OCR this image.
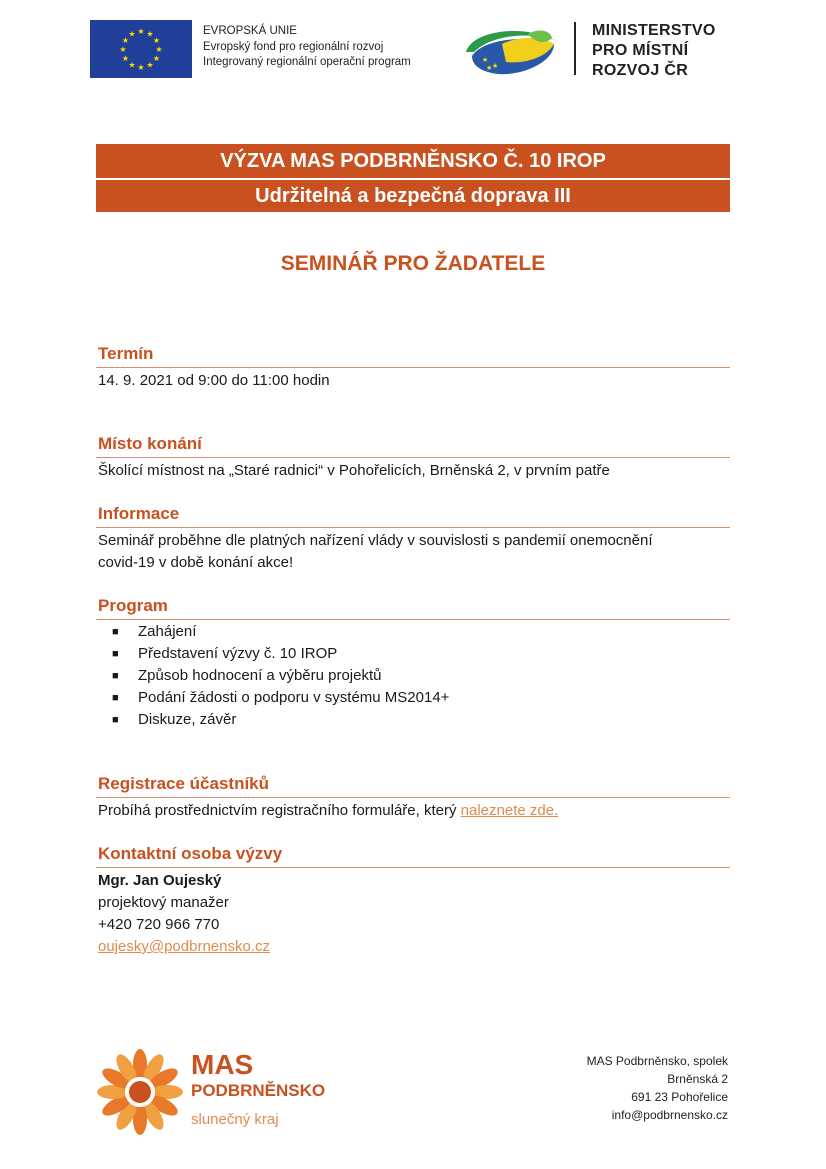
★ ★
★
★
★
★
★
★
★
★
★
★	EVROPSKÁ UNIE
Evropský fond pro regionální rozvoj
Integrovaný regionální operační program	★
★
★
MINISTERSTVO
PRO MÍSTNÍ
ROZVOJ ČR
VÝZVA MAS PODBRNĚNSKO Č. 10 IROP
Udržitelná a bezpečná doprava III
SEMINÁŘ PRO ŽADATELE
Termín
14. 9. 2021 od 9:00 do 11:00 hodin
Místo konání
Školící místnost na „Staré radnici“ v Pohořelicích, Brněnská 2, v prvním patře
Informace
Seminář proběhne dle platných nařízení vlády v souvislosti s pandemií onemocnění
covid-19 v době konání akce!
Program
■ Zahájení
■ Představení výzvy č. 10 IROP
■ Způsob hodnocení a výběru projektů
■ Podání žádosti o podporu v systému MS2014+
■ Diskuze, závěr
Registrace účastníků
Probíhá prostřednictvím registračního formuláře, který naleznete zde.
Kontaktní osoba výzvy
Mgr. Jan Oujeský
projektový manažer
+420 720 966 770
oujesky@podbrnensko.cz
MAS
PODBRNĚNSKO
slunečný kraj
MAS Podbrněnsko, spolek
Brněnská 2
691 23 Pohořelice
info@podbrnensko.cz
